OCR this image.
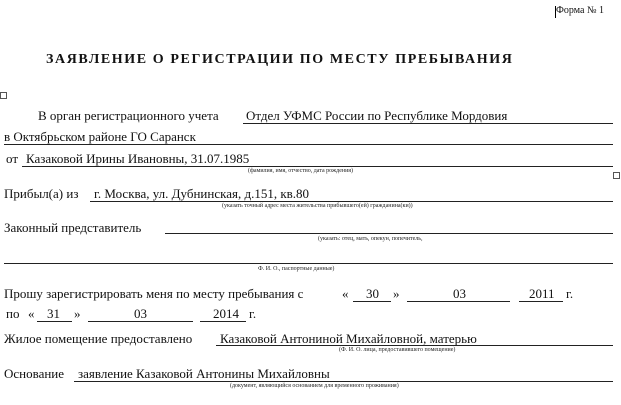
Форма № 1
ЗАЯВЛЕНИЕ О РЕГИСТРАЦИИ ПО МЕСТУ ПРЕБЫВАНИЯ
В орган регистрационного учета Отдел УФМС России по Республике Мордовия
в Октябрьском районе ГО Саранск
от Казаковой Ирины Ивановны, 31.07.1985
(фамилия, имя, отчество, дата рождения)
Прибыл(а) из г. Москва, ул. Дубнинская, д.151, кв.80
(указать точный адрес места жительства прибывшего(ей) гражданина(ки))
Законный представитель
(указать: отец, мать, опекун, попечитель,
Ф. И. О., паспортные данные)
Прошу зарегистрировать меня по месту пребывания с	« 30 »	03	2011 г.
по « 31 »	03	2014 г.
Жилое помещение предоставлено Казаковой Антониной Михайловной, матерью
(Ф. И. О. лица, предоставившего помещение)
Основание заявление Казаковой Антонины Михайловны
(документ, являющийся основанием для временного проживания)
